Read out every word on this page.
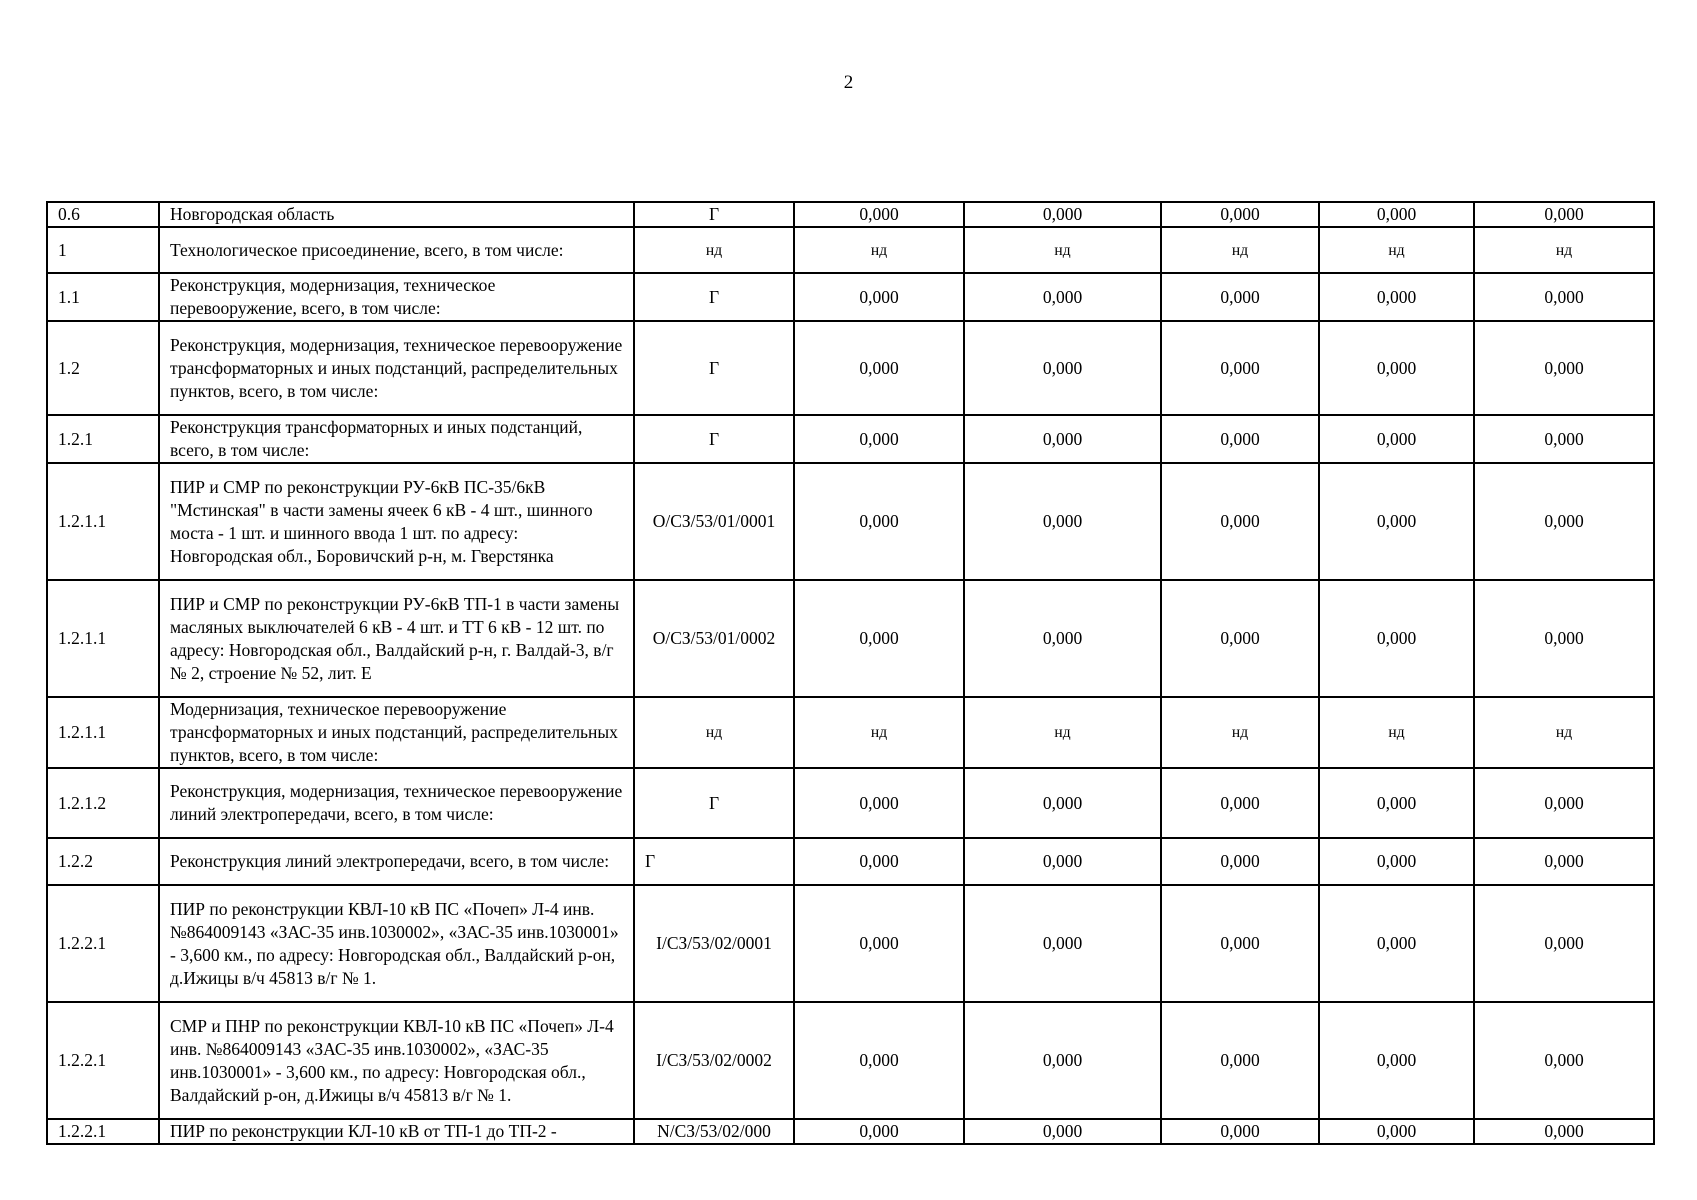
2
0.6	Новгородская область	Г	0,000	0,000	0,000	0,000	0,000
1	Технологическое присоединение, всего, в том числе:	нд	нд	нд	нд	нд	нд
1.1	Реконструкция, модернизация, техническое перевооружение, всего, в том числе:	Г	0,000	0,000	0,000	0,000	0,000
1.2	Реконструкция, модернизация, техническое перевооружение трансформаторных и иных подстанций, распределительных пунктов, всего, в том числе:	Г	0,000	0,000	0,000	0,000	0,000
1.2.1	Реконструкция трансформаторных и иных подстанций, всего, в том числе:	Г	0,000	0,000	0,000	0,000	0,000
1.2.1.1	ПИР и СМР по реконструкции РУ-6кВ ПС-35/6кВ "Мстинская" в части замены ячеек 6 кВ - 4 шт., шинного моста - 1 шт. и шинного ввода 1 шт. по адресу: Новгородская обл., Боровичский р-н, м. Гверстянка	O/СЗ/53/01/0001	0,000	0,000	0,000	0,000	0,000
1.2.1.1	ПИР и СМР по реконструкции РУ-6кВ ТП-1 в части замены масляных выключателей 6 кВ - 4 шт. и ТТ 6 кВ - 12 шт. по адресу: Новгородская обл., Валдайский р-н, г. Валдай-3, в/г № 2, строение № 52, лит. Е	O/СЗ/53/01/0002	0,000	0,000	0,000	0,000	0,000
1.2.1.1	Модернизация, техническое перевооружение трансформаторных и иных подстанций, распределительных пунктов, всего, в том числе:	нд	нд	нд	нд	нд	нд
1.2.1.2	Реконструкция, модернизация, техническое перевооружение линий электропередачи, всего, в том числе:	Г	0,000	0,000	0,000	0,000	0,000
1.2.2	Реконструкция линий электропередачи, всего, в том числе:	Г	0,000	0,000	0,000	0,000	0,000
1.2.2.1	ПИР по реконструкции КВЛ-10 кВ ПС «Почеп» Л-4 инв. №864009143 «ЗАС-35 инв.1030002», «ЗАС-35 инв.1030001» - 3,600 км., по адресу: Новгородская обл., Валдайский р-он, д.Ижицы в/ч 45813 в/г № 1.	I/СЗ/53/02/0001	0,000	0,000	0,000	0,000	0,000
1.2.2.1	СМР и ПНР по реконструкции КВЛ-10 кВ ПС «Почеп» Л-4 инв. №864009143 «ЗАС-35 инв.1030002», «ЗАС-35 инв.1030001» - 3,600 км., по адресу: Новгородская обл., Валдайский р-он, д.Ижицы в/ч 45813 в/г № 1.	I/СЗ/53/02/0002	0,000	0,000	0,000	0,000	0,000
1.2.2.1	ПИР по реконструкции КЛ-10 кВ от ТП-1 до ТП-2 -	N/СЗ/53/02/000	0,000	0,000	0,000	0,000	0,000
